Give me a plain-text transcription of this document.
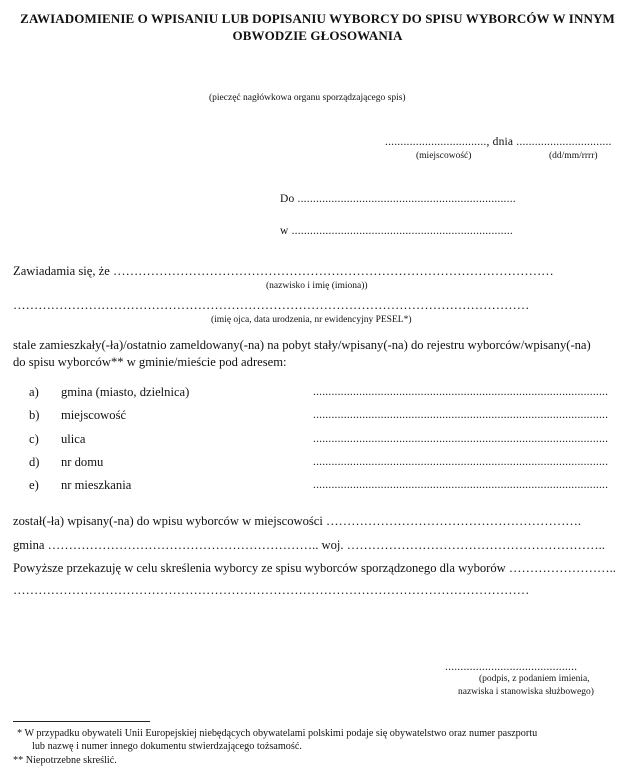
ZAWIADOMIENIE O WPISANIU LUB DOPISANIU WYBORCY DO SPISU WYBORCÓW W INNYM
OBWODZIE GŁOSOWANIA
(pieczęć nagłówkowa organu sporządzającego spis)
................................., dnia ...............................
(miejscowość)	(dd/mm/rrrr)
Do .......................................................................
w ........................................................................
Zawiadamia się, że ……………………………………………………………………………………………
(nazwisko i imię (imiona))
……………………………………………………………………………………………………………
(imię ojca, data urodzenia, nr ewidencyjny PESEL*)
stale zamieszkały(-ła)/ostatnio zameldowany(-na) na pobyt stały/wpisany(-na) do rejestru wyborców/wpisany(-na)
do spisu wyborców** w gminie/mieście pod adresem:
a) gmina (miasto, dzielnica)	................................................................................................
b) miejscowość	................................................................................................
c) ulica	................................................................................................
d) nr domu	................................................................................................
e) nr mieszkania	................................................................................................
został(-ła) wpisany(-na) do wpisu wyborców w miejscowości …………………………………………………….
gmina ……………………………………………………….. woj. ……………………………………………………..
Powyższe przekazuję w celu skreślenia wyborcy ze spisu wyborców sporządzonego dla wyborów ……………………..
……………………………………………………………………………………………………………
...........................................
(podpis, z podaniem imienia,
nazwiska i stanowiska służbowego)
* W przypadku obywateli Unii Europejskiej niebędących obywatelami polskimi podaje się obywatelstwo oraz numer paszportu
lub nazwę i numer innego dokumentu stwierdzającego tożsamość.
** Niepotrzebne skreślić.
